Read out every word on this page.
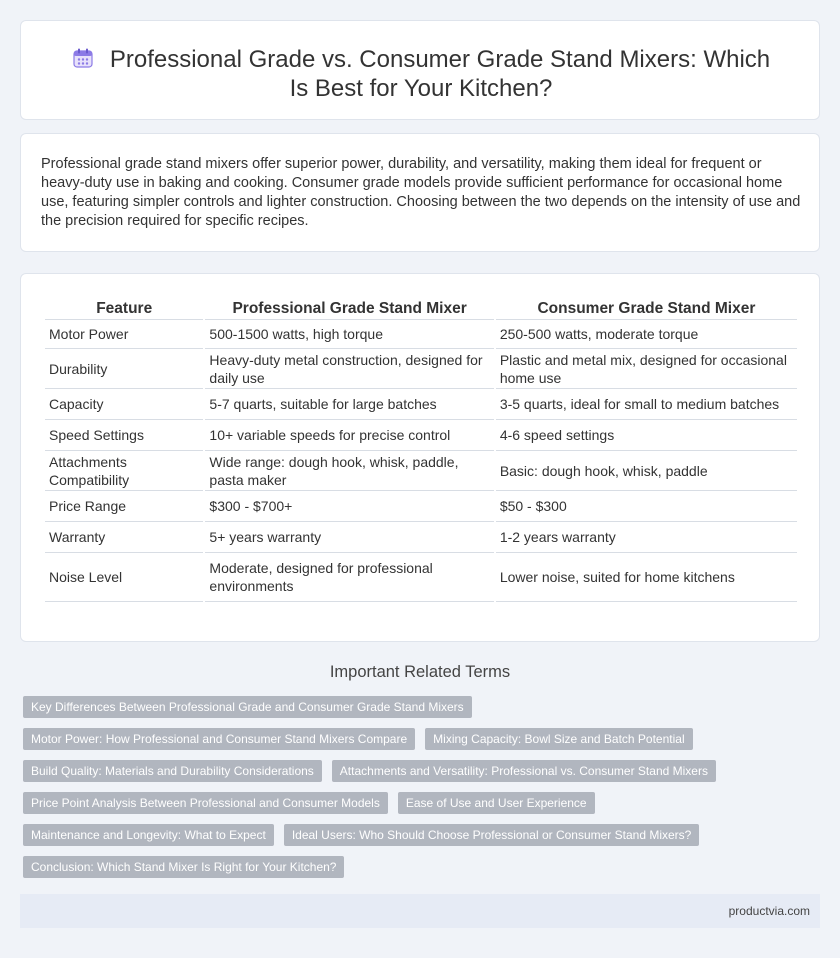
Professional Grade vs. Consumer Grade Stand Mixers: Which Is Best for Your Kitchen?

Professional grade stand mixers offer superior power, durability, and versatility, making them ideal for frequent or heavy-duty use in baking and cooking. Consumer grade models provide sufficient performance for occasional home use, featuring simpler controls and lighter construction. Choosing between the two depends on the intensity of use and the precision required for specific recipes.

Feature	Professional Grade Stand Mixer	Consumer Grade Stand Mixer
Motor Power	500-1500 watts, high torque	250-500 watts, moderate torque
Durability	Heavy-duty metal construction, designed for daily use	Plastic and metal mix, designed for occasional home use
Capacity	5-7 quarts, suitable for large batches	3-5 quarts, ideal for small to medium batches
Speed Settings	10+ variable speeds for precise control	4-6 speed settings
Attachments Compatibility	Wide range: dough hook, whisk, paddle, pasta maker	Basic: dough hook, whisk, paddle
Price Range	$300 - $700+	$50 - $300
Warranty	5+ years warranty	1-2 years warranty
Noise Level	Moderate, designed for professional environments	Lower noise, suited for home kitchens
Important Related Terms
Key Differences Between Professional Grade and Consumer Grade Stand Mixers
Motor Power: How Professional and Consumer Stand Mixers Compare	Mixing Capacity: Bowl Size and Batch Potential
Build Quality: Materials and Durability Considerations	Attachments and Versatility: Professional vs. Consumer Stand Mixers
Price Point Analysis Between Professional and Consumer Models	Ease of Use and User Experience
Maintenance and Longevity: What to Expect	Ideal Users: Who Should Choose Professional or Consumer Stand Mixers?
Conclusion: Which Stand Mixer Is Right for Your Kitchen?
productvia.com
